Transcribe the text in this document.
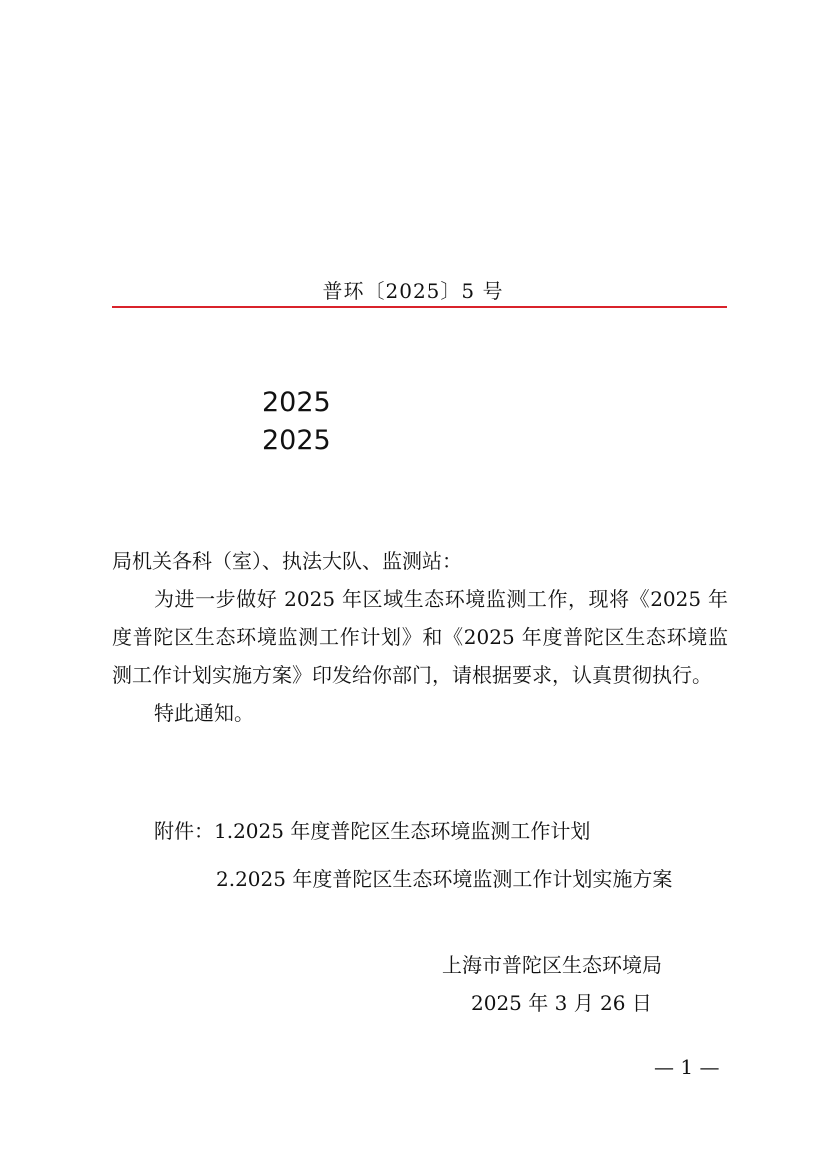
普环〔2025〕5 号
2025
2025

局机关各科（室）、执法大队、监测站：

为进一步做好 2025 年区域生态环境监测工作，现将《2025 年度普陀区生态环境监测工作计划》和《2025 年度普陀区生态环境监测工作计划实施方案》印发给你部门，请根据要求，认真贯彻执行。

特此通知。

附件：1.2025 年度普陀区生态环境监测工作计划
2.2025 年度普陀区生态环境监测工作计划实施方案
上海市普陀区生态环境局
2025 年 3 月 26 日
— 1 —
